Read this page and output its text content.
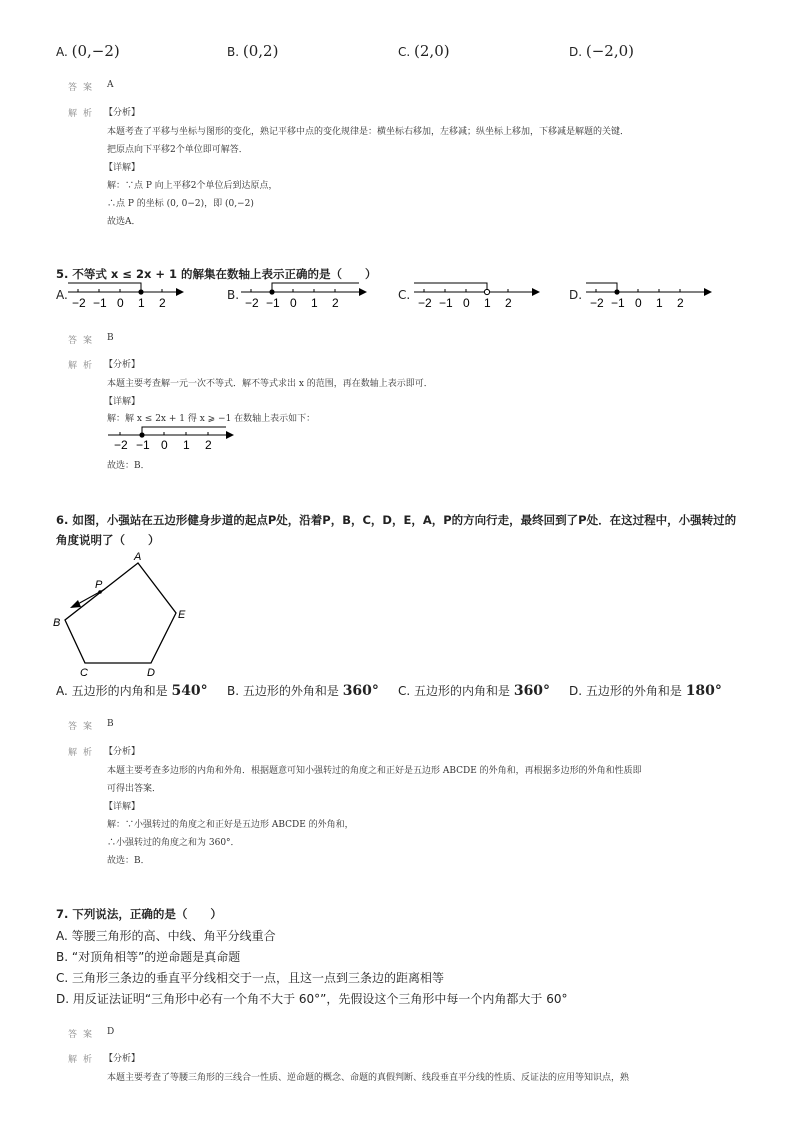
A. (0,−2)	B. (0,2)	C. (2,0)	D. (−2,0)
答案 A
解析 【分析】
本题考查了平移与坐标与图形的变化，熟记平移中点的变化规律是：横坐标右移加，左移减；纵坐标上移加，下移减是解题的关键．
把原点向下平移2个单位即可解答．
【详解】
解：∵点 P 向上平移2个单位后到达原点，
∴点 P 的坐标 (0, 0−2)，即 (0,−2)
故选A．
5. 不等式 x ≤ 2x + 1 的解集在数轴上表示正确的是（　　）
A.
−2 −1 0 1 2
B.
−2 −1 0 1 2
C.
−2 −1 0 1 2
D.
−2 −1 0 1 2
答案 B
解析 【分析】
本题主要考查解一元一次不等式．解不等式求出 x 的范围，再在数轴上表示即可．
【详解】
解：解 x ≤ 2x + 1 得 x ⩾ −1 在数轴上表示如下：
−2 −1 0 1 2
故选：B．
6. 如图，小强站在五边形健身步道的起点P处，沿着P，B，C，D，E，A，P的方向行走，最终回到了P处．在这过程中，小强转过的
角度说明了（　　）
A
P
B
E
C	D
A. 五边形的内角和是 540° B. 五边形的外角和是 360° C. 五边形的内角和是 360° D. 五边形的外角和是 180°
答案 B
解析 【分析】
本题主要考查多边形的内角和外角．根据题意可知小强转过的角度之和正好是五边形 ABCDE 的外角和，再根据多边形的外角和性质即
可得出答案．
【详解】
解：∵小强转过的角度之和正好是五边形 ABCDE 的外角和，
∴小强转过的角度之和为 360°．
故选：B．
7. 下列说法，正确的是（　　）
A. 等腰三角形的高、中线、角平分线重合
B. “对顶角相等”的逆命题是真命题
C. 三角形三条边的垂直平分线相交于一点，且这一点到三条边的距离相等
D. 用反证法证明“三角形中必有一个角不大于 60°”，先假设这个三角形中每一个内角都大于 60°
答案 D
解析 【分析】
本题主要考查了等腰三角形的三线合一性质、逆命题的概念、命题的真假判断、线段垂直平分线的性质、反证法的应用等知识点，熟
